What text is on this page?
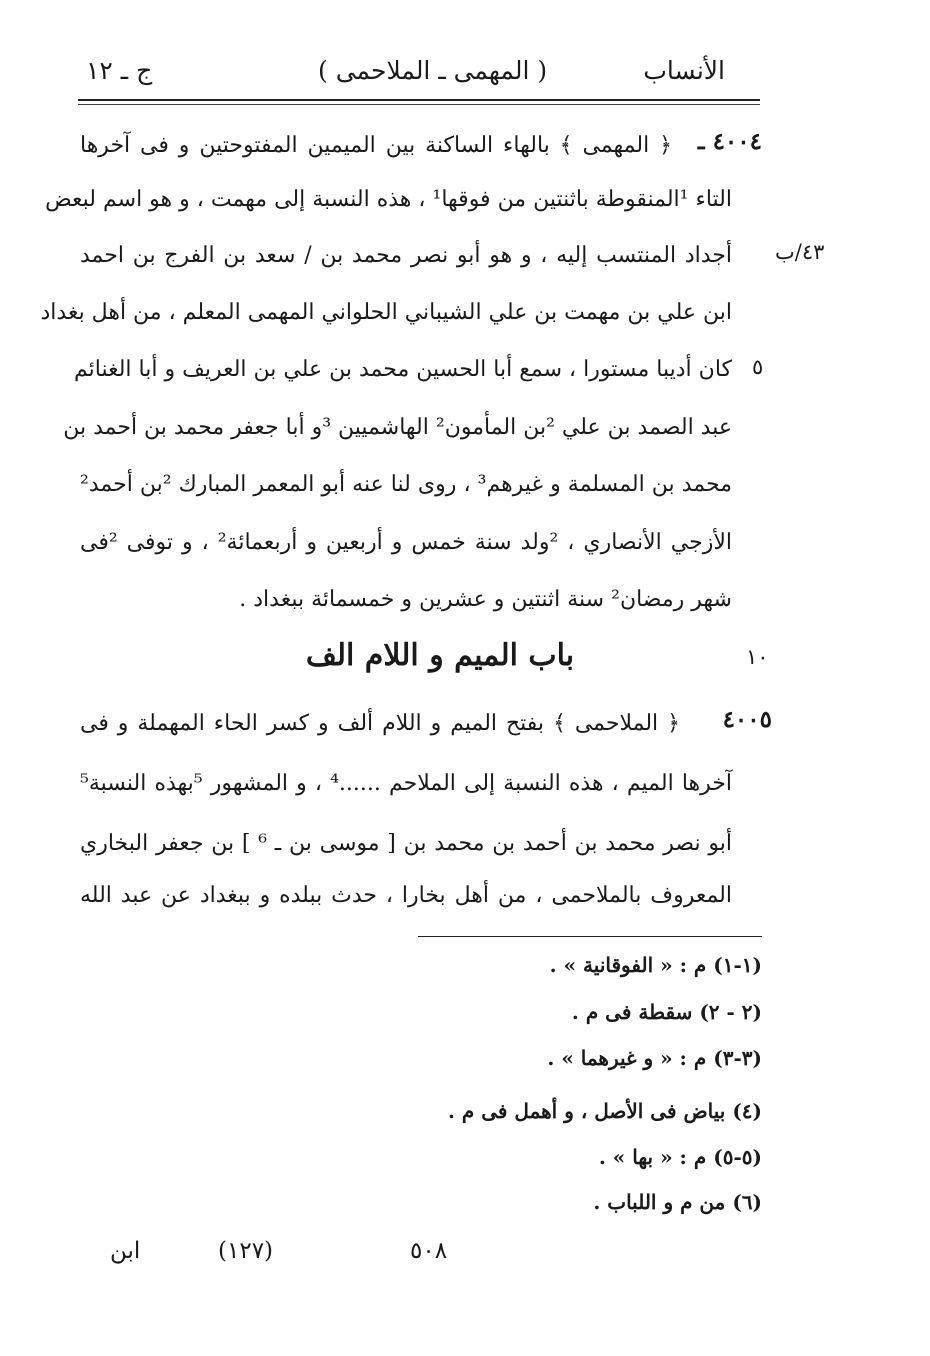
الأنساب
( المهمى ـ الملاحمى )
ج ـ ١٢
٤٠٠٤ ـ
﴿ المهمى ﴾ بالهاء الساكنة بين الميمين المفتوحتين و فى آخرها
التاء ¹المنقوطة باثنتين من فوقها¹ ، هذه النسبة إلى مهمت ، و هو اسم لبعض
أجداد المنتسب إليه ، و هو أبو نصر محمد بن / سعد بن الفرج بن احمد
ابن علي بن مهمت بن علي الشيباني الحلواني المهمى المعلم ، من أهل بغداد
كان أديبا مستورا ، سمع أبا الحسين محمد بن علي بن العريف و أبا الغنائم
عبد الصمد بن علي ²بن المأمون² الهاشميين ³و أبا جعفر محمد بن أحمد بن
محمد بن المسلمة و غيرهم³ ، روى لنا عنه أبو المعمر المبارك ²بن أحمد²
الأزجي الأنصاري ، ²ولد سنة خمس و أربعين و أربعمائة² ، و توفى ²فى
شهر رمضان² سنة اثنتين و عشرين و خمسمائة ببغداد .
٤٣/ب
٥
١٠
باب الميم و اللام الف
٤٠٠٥
﴿ الملاحمى ﴾ بفتح الميم و اللام ألف و كسر الحاء المهملة و فى
آخرها الميم ، هذه النسبة إلى الملاحم ......⁴ ، و المشهور ⁵بهذه النسبة⁵
أبو نصر محمد بن أحمد بن محمد بن [ موسى بن ـ ⁶ ] بن جعفر البخاري
المعروف بالملاحمى ، من أهل بخارا ، حدث ببلده و ببغداد عن عبد الله
(١-١) م : « الفوقانية » .
(٢ - ٢) سقطة فى م .
(٣-٣) م : « و غيرهما » .
(٤) بياض فى الأصل ، و أهمل فى م .
(٥-٥) م : « بها » .
(٦) من م و اللباب .
ابن	(١٢٧)	٥٠٨
